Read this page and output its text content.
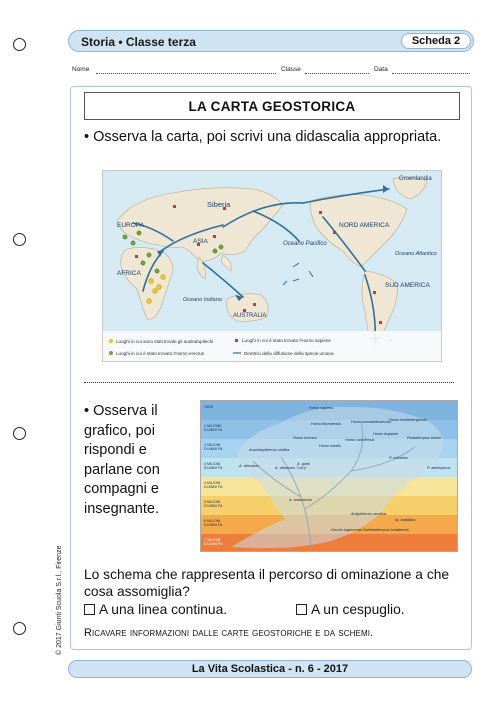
Storia • Classe terza	Scheda 2
Nome	Classe	Data
LA CARTA GEOSTORICA
• Osserva la carta, poi scrivi una didascalia appropriata.
Groenlandia
Siberia
EUROPA
ASIA
AFRICA
NORD AMERICA
SUD AMERICA
AUSTRALIA
Oceano Pacifico
Oceano Atlantico
Oceano Indiano
Luoghi in cui sono stati trovati gli australopitechi	Luoghi in cui è stato trovato l'Homo sapiens
Luoghi in cui è stato trovato l'Homo erectus	Direttrici della diffusione della specie umana
• Osserva il grafico, poi rispondi e parlane con compagni e insegnante.
OGGI
1 MILIONE DI ANNI FA
2 MILIONI DI ANNI FA
3 MILIONI DI ANNI FA
4 MILIONI DI ANNI FA
5 MILIONI DI ANNI FA
6 MILIONI DI ANNI FA
7 MILIONI DI ANNI FA
Homo sapiens
Homo floresiensis	Homo neanderthalensis
Homo heidelbergensis
Homo erectus
Homo habilis
Homo rudolfensis
Homo ergaster
Paranthropus boisei
P. robustus
P. aethiopicus
A. africanus	A. afarensis "Lucy"
Australopithecus sediba
A. garhi
A. anamensis
Ardipithecus ramidus
Orrorin tugenensis Sahelanthropus tchadensis
Ar. kadabba
Lo schema che rappresenta il percorso di ominazione a che cosa assomiglia?
A una linea continua.	A un cespuglio.
Ricavare informazioni dalle carte geostoriche e da schemi.
© 2017 Giunti Scuola S.r.l., Firenze
La Vita Scolastica - n. 6 - 2017
